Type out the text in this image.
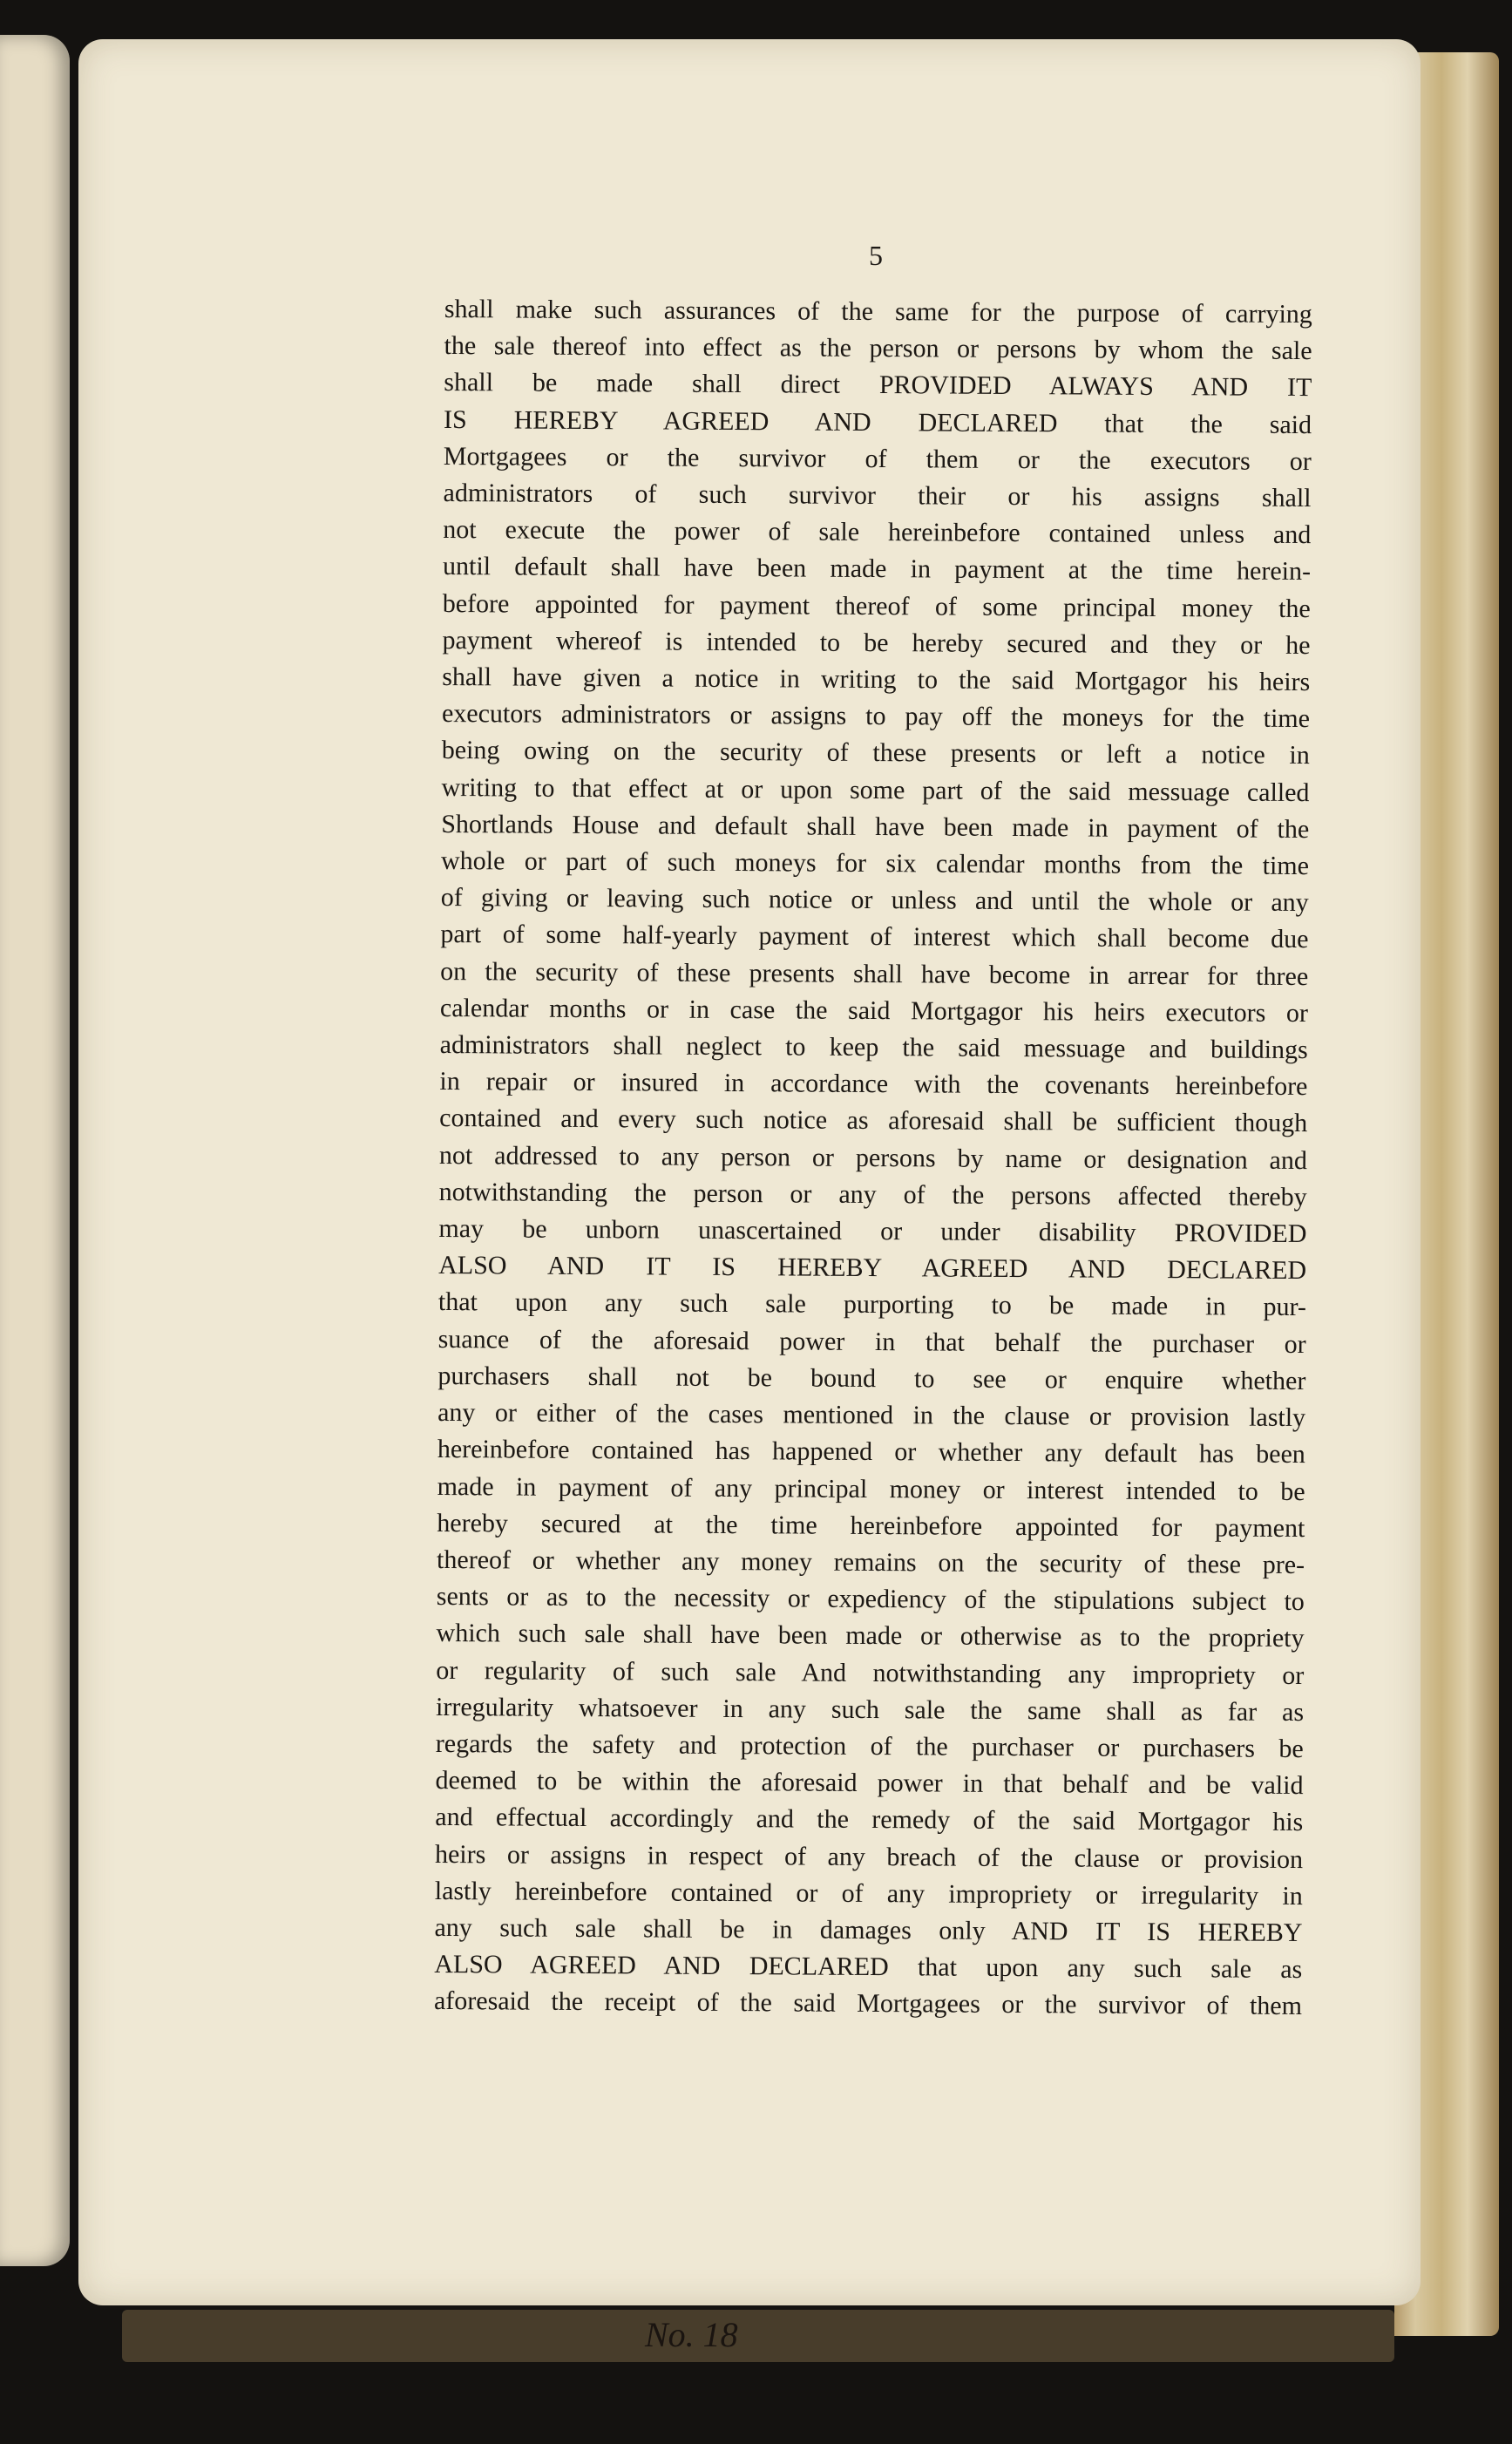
5
shall make such assurances of the same for the purpose of carrying
the sale thereof into effect as the person or persons by whom the sale
shall be made shall direct PROVIDED ALWAYS AND IT
IS HEREBY AGREED AND DECLARED that the said
Mortgagees or the survivor of them or the executors or
administrators of such survivor their or his assigns shall
not execute the power of sale hereinbefore contained unless and
until default shall have been made in payment at the time herein-
before appointed for payment thereof of some principal money the
payment whereof is intended to be hereby secured and they or he
shall have given a notice in writing to the said Mortgagor his heirs
executors administrators or assigns to pay off the moneys for the time
being owing on the security of these presents or left a notice in
writing to that effect at or upon some part of the said messuage called
Shortlands House and default shall have been made in payment of the
whole or part of such moneys for six calendar months from the time
of giving or leaving such notice or unless and until the whole or any
part of some half-yearly payment of interest which shall become due
on the security of these presents shall have become in arrear for three
calendar months or in case the said Mortgagor his heirs executors or
administrators shall neglect to keep the said messuage and buildings
in repair or insured in accordance with the covenants hereinbefore
contained and every such notice as aforesaid shall be sufficient though
not addressed to any person or persons by name or designation and
notwithstanding the person or any of the persons affected thereby
may be unborn unascertained or under disability PROVIDED
ALSO AND IT IS HEREBY AGREED AND DECLARED
that upon any such sale purporting to be made in pur-
suance of the aforesaid power in that behalf the purchaser or
purchasers shall not be bound to see or enquire whether
any or either of the cases mentioned in the clause or provision lastly
hereinbefore contained has happened or whether any default has been
made in payment of any principal money or interest intended to be
hereby secured at the time hereinbefore appointed for payment
thereof or whether any money remains on the security of these pre-
sents or as to the necessity or expediency of the stipulations subject to
which such sale shall have been made or otherwise as to the propriety
or regularity of such sale And notwithstanding any impropriety or
irregularity whatsoever in any such sale the same shall as far as
regards the safety and protection of the purchaser or purchasers be
deemed to be within the aforesaid power in that behalf and be valid
and effectual accordingly and the remedy of the said Mortgagor his
heirs or assigns in respect of any breach of the clause or provision
lastly hereinbefore contained or of any impropriety or irregularity in
any such sale shall be in damages only AND IT IS HEREBY
ALSO AGREED AND DECLARED that upon any such sale as
aforesaid the receipt of the said Mortgagees or the survivor of them
No. 18
